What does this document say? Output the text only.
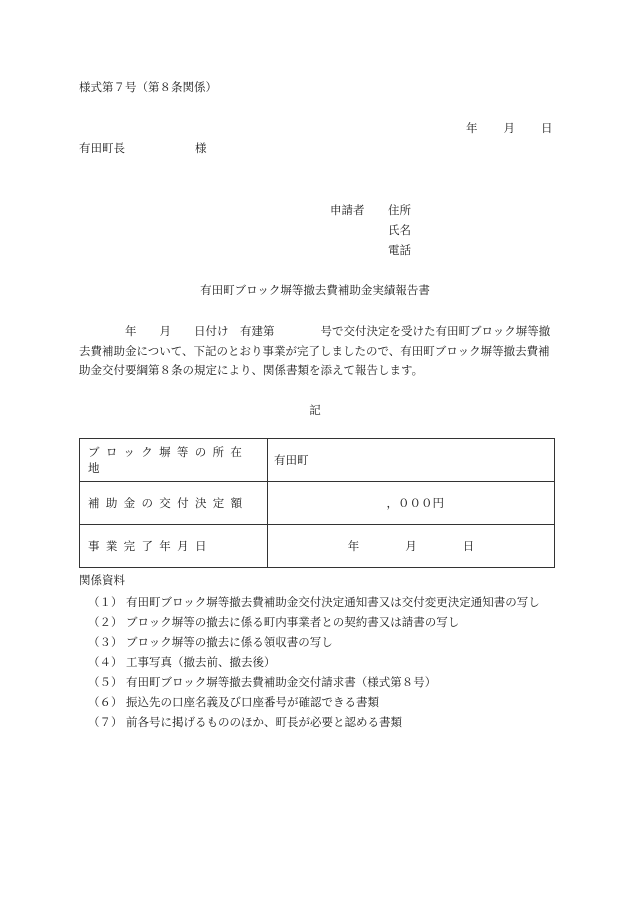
様式第７号（第８条関係）
年 月 日
有田町長	様
申請者 住所
氏名
電話
有田町ブロック塀等撤去費補助金実績報告書
　　　　年　　月　　日付け　有建第　　　　号で交付決定を受けた有田町ブロック塀等撤去費補助金について、下記のとおり事業が完了しましたので、有田町ブロック塀等撤去費補助金交付要綱第８条の規定により、関係書類を添えて報告します。
記
ブロック塀等の所在地	有田町
補助金の交付決定額	，０００円
事業完了年月日	年　　　　月　　　　日
関係資料
（１） 有田町ブロック塀等撤去費補助金交付決定通知書又は交付変更決定通知書の写し
（２） ブロック塀等の撤去に係る町内事業者との契約書又は請書の写し
（３） ブロック塀等の撤去に係る領収書の写し
（４） 工事写真（撤去前、撤去後）
（５） 有田町ブロック塀等撤去費補助金交付請求書（様式第８号）
（６） 振込先の口座名義及び口座番号が確認できる書類
（７） 前各号に掲げるもののほか、町長が必要と認める書類
